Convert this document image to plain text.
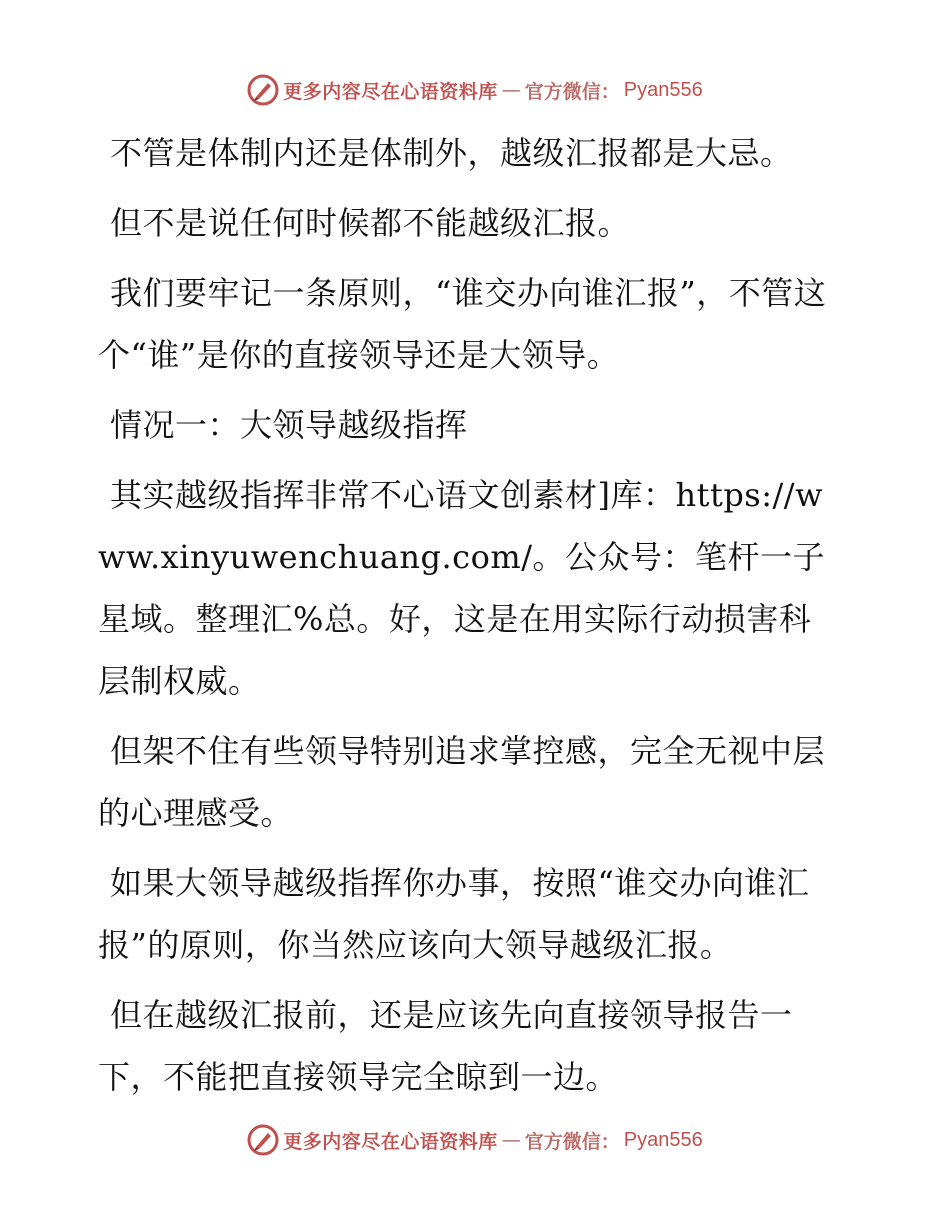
更多内容尽在心语资料库 — 官方微信： Pyan556

不管是体制内还是体制外，越级汇报都是大忌。

但不是说任何时候都不能越级汇报。

我们要牢记一条原则，“谁交办向谁汇报”，不管这个“谁”是你的直接领导还是大领导。

情况一：大领导越级指挥

其实越级指挥非常不心语文创素材]库：https://www.xinyuwenchuang.com/。公众号：笔杆一子星域。整理汇%总。好，这是在用实际行动损害科层制权威。

但架不住有些领导特别追求掌控感，完全无视中层的心理感受。

如果大领导越级指挥你办事，按照“谁交办向谁汇报”的原则，你当然应该向大领导越级汇报。

但在越级汇报前，还是应该先向直接领导报告一下，不能把直接领导完全晾到一边。

更多内容尽在心语资料库 — 官方微信： Pyan556
